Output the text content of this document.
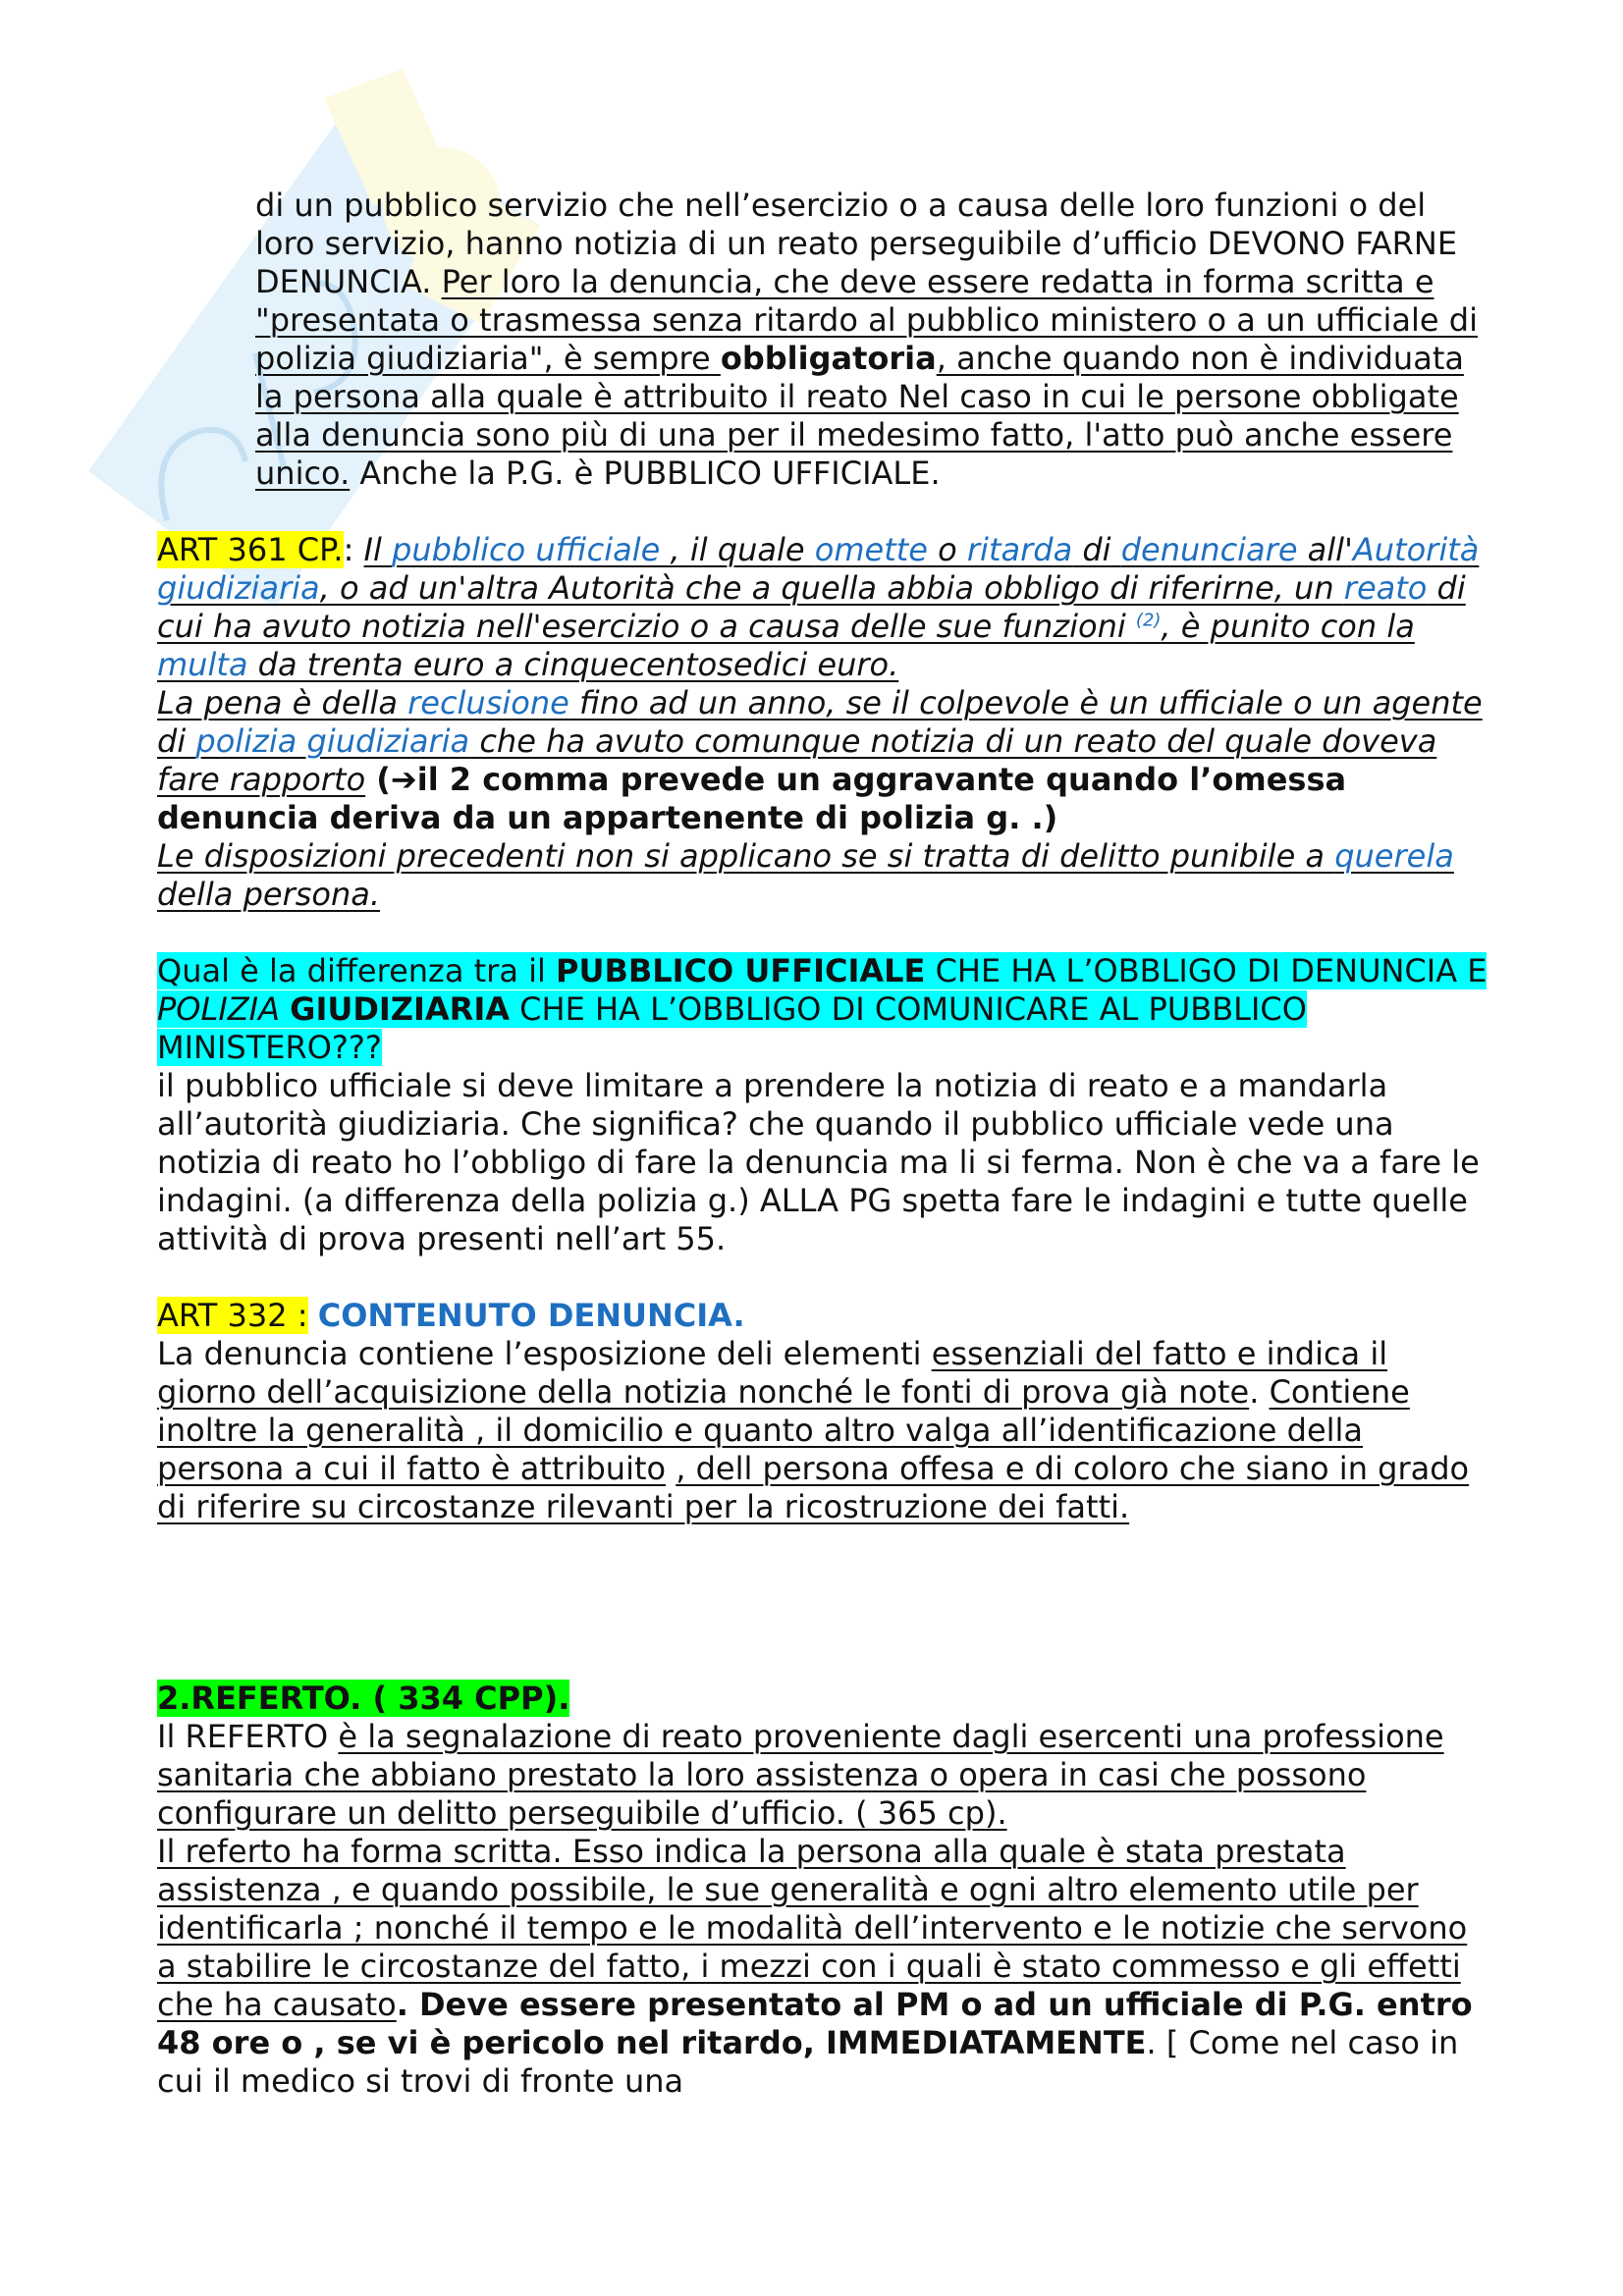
di un pubblico servizio che nell’esercizio o a causa delle loro funzioni o del loro servizio, hanno notizia di un reato perseguibile d’ufficio DEVONO FARNE DENUNCIA. Per loro la denuncia, che deve essere redatta in forma scritta e "presentata o trasmessa senza ritardo al pubblico ministero o a un ufficiale di polizia giudiziaria", è sempre obbligatoria, anche quando non è individuata la persona alla quale è attribuito il reato Nel caso in cui le persone obbligate alla denuncia sono più di una per il medesimo fatto, l'atto può anche essere unico. Anche la P.G. è PUBBLICO UFFICIALE.

ART 361 CP.: Il pubblico ufficiale , il quale omette o ritarda di denunciare all'Autorità giudiziaria, o ad un'altra Autorità che a quella abbia obbligo di riferirne, un reato di cui ha avuto notizia nell'esercizio o a causa delle sue funzioni $^{(2)}$, è punito con la multa da trenta euro a cinquecentosedici euro.

La pena è della reclusione fino ad un anno, se il colpevole è un ufficiale o un agente di polizia giudiziaria che ha avuto comunque notizia di un reato del quale doveva fare rapporto (➔il 2 comma prevede un aggravante quando l’omessa denuncia deriva da un appartenente di polizia g. .)

Le disposizioni precedenti non si applicano se si tratta di delitto punibile a querela della persona.

Qual è la differenza tra il PUBBLICO UFFICIALE CHE HA L’OBBLIGO DI DENUNCIA E POLIZIA GIUDIZIARIA CHE HA L’OBBLIGO DI COMUNICARE AL PUBBLICO MINISTERO???

il pubblico ufficiale si deve limitare a prendere la notizia di reato e a mandarla all’autorità giudiziaria. Che significa? che quando il pubblico ufficiale vede una notizia di reato ho l’obbligo di fare la denuncia ma li si ferma. Non è che va a fare le indagini. (a differenza della polizia g.) ALLA PG spetta fare le indagini e tutte quelle attività di prova presenti nell’art 55.

ART 332 : CONTENUTO DENUNCIA.

La denuncia contiene l’esposizione deli elementi essenziali del fatto e indica il giorno dell’acquisizione della notizia nonché le fonti di prova già note. Contiene inoltre la generalità , il domicilio e quanto altro valga all’identificazione della persona a cui il fatto è attribuito , dell persona offesa e di coloro che siano in grado di riferire su circostanze rilevanti per la ricostruzione dei fatti.

2.REFERTO. ( 334 CPP).

Il REFERTO è la segnalazione di reato proveniente dagli esercenti una professione sanitaria che abbiano prestato la loro assistenza o opera in casi che possono configurare un delitto perseguibile d’ufficio. ( 365 cp).

Il referto ha forma scritta. Esso indica la persona alla quale è stata prestata assistenza , e quando possibile, le sue generalità e ogni altro elemento utile per identificarla ; nonché il tempo e le modalità dell’intervento e le notizie che servono a stabilire le circostanze del fatto, i mezzi con i quali è stato commesso e gli effetti che ha causato. Deve essere presentato al PM o ad un ufficiale di P.G. entro 48 ore o , se vi è pericolo nel ritardo, IMMEDIATAMENTE. [ Come nel caso in cui il medico si trovi di fronte una
